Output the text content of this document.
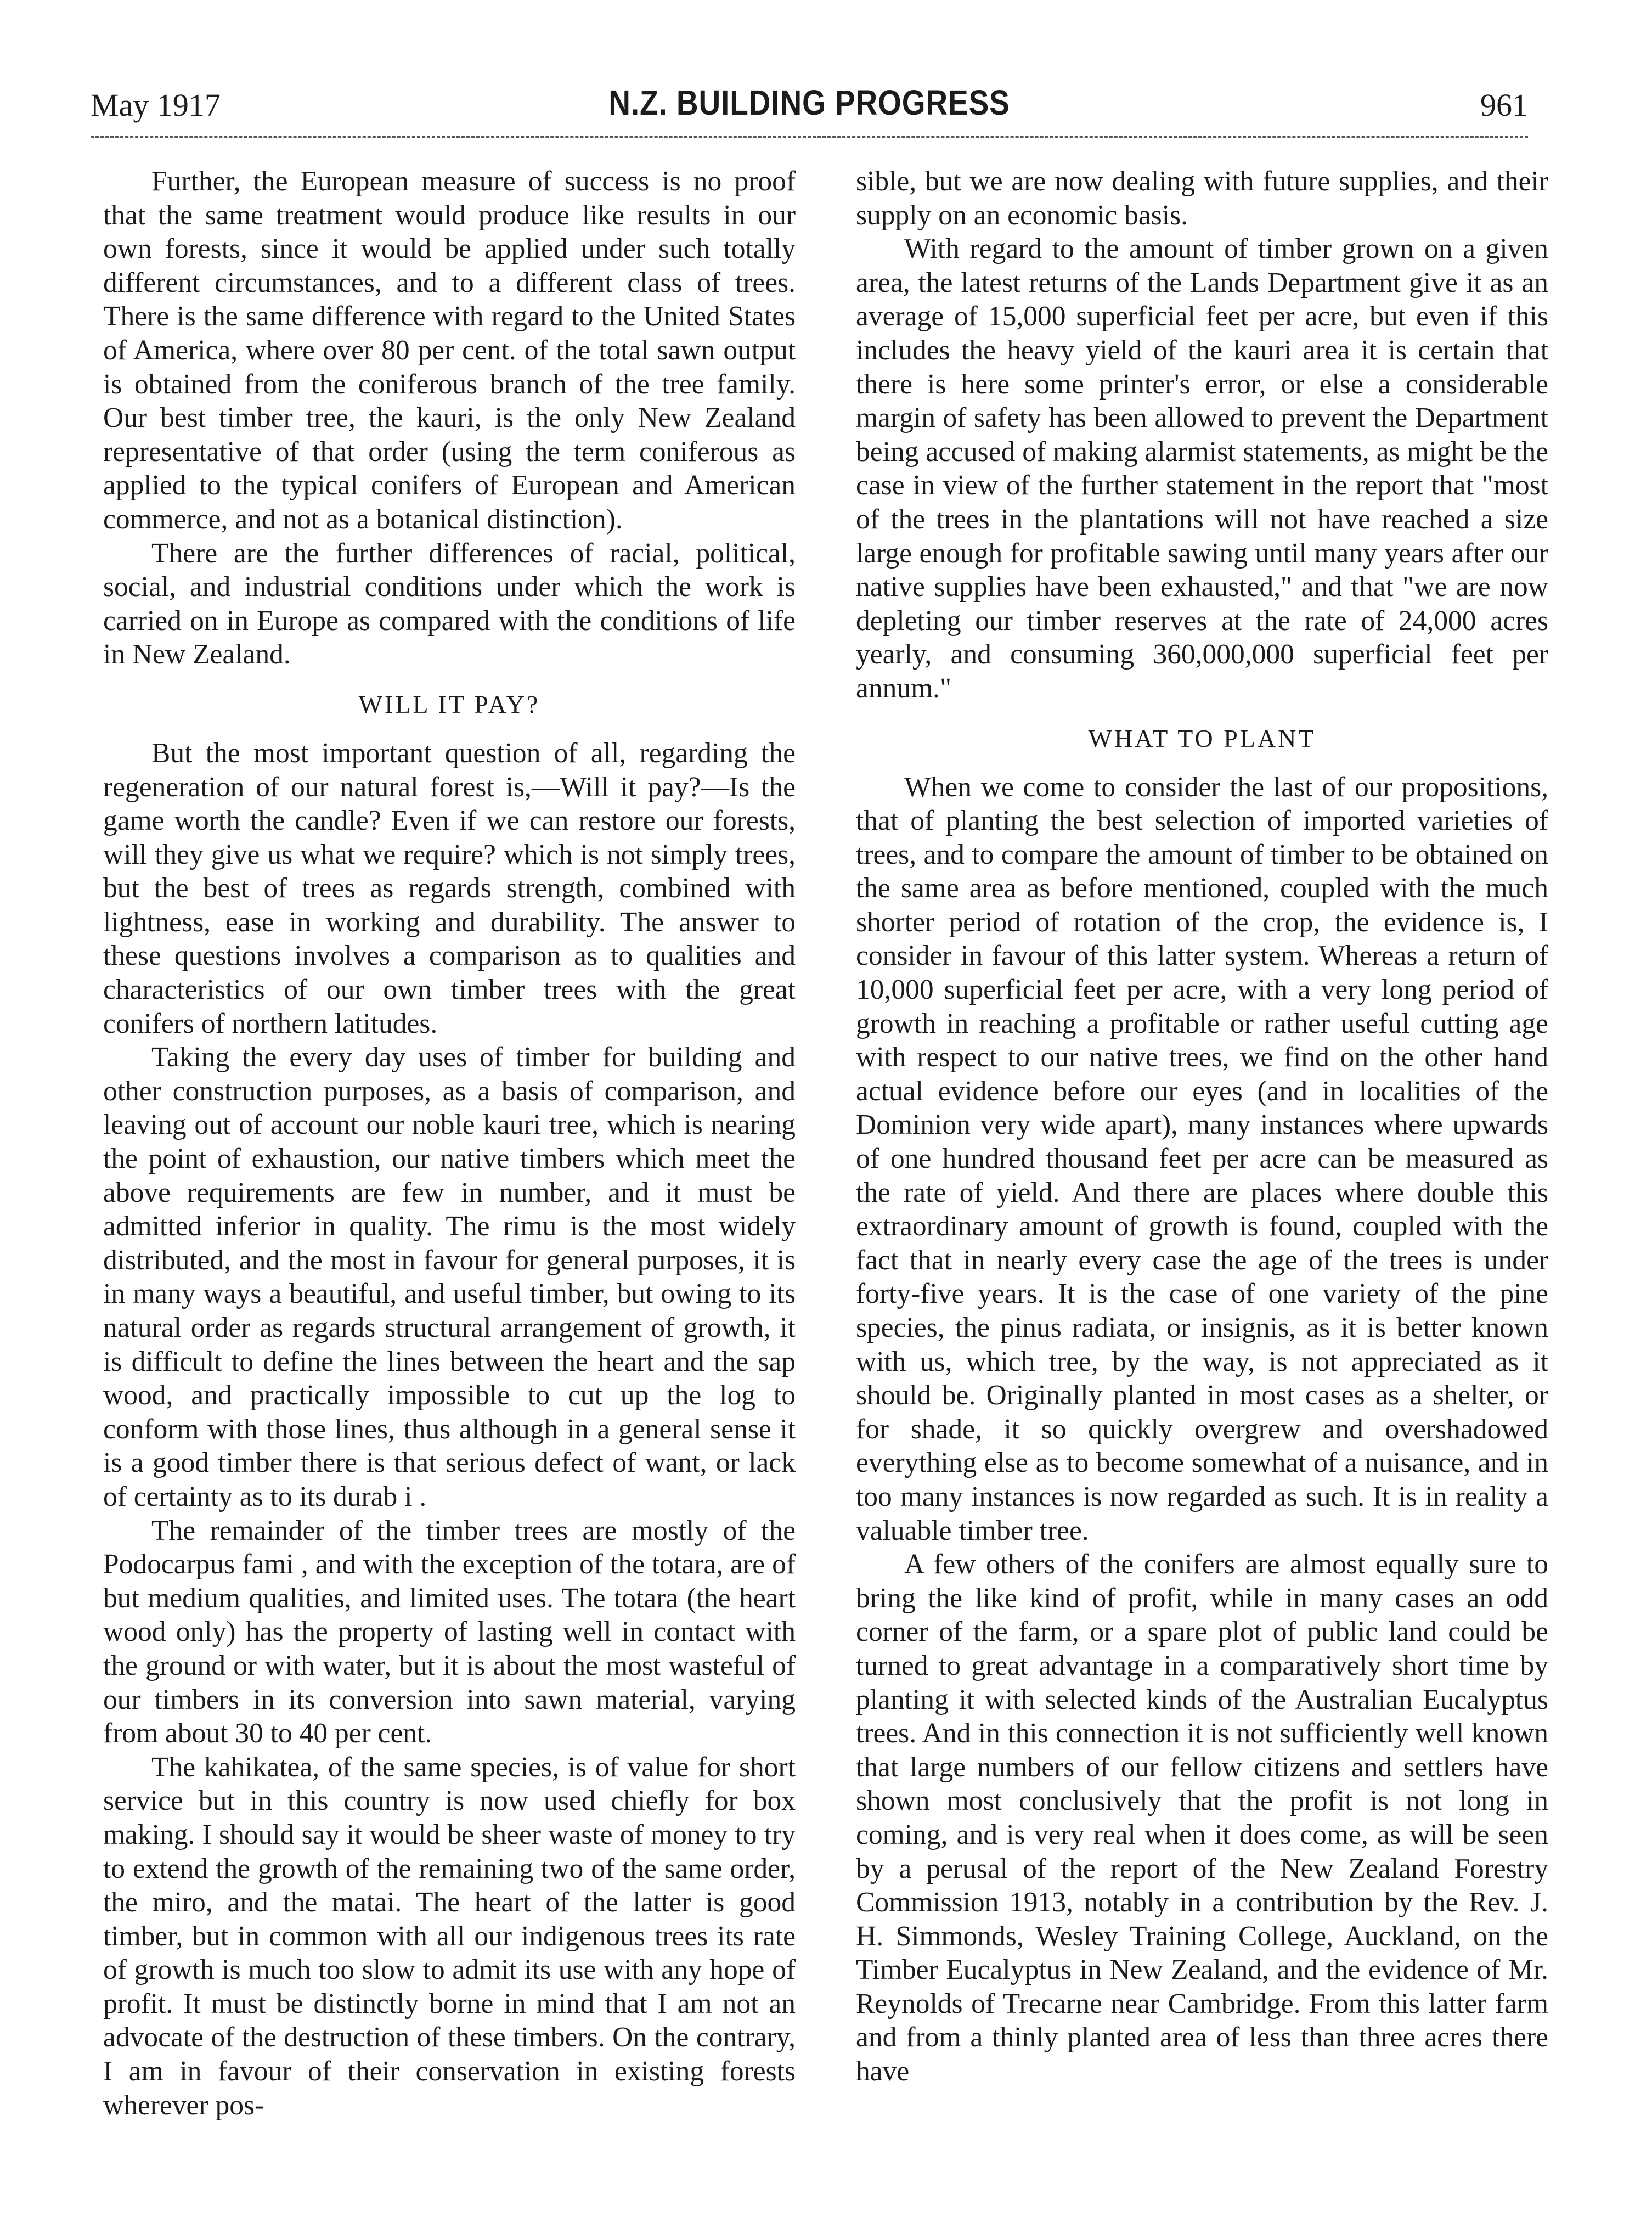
May 1917	N.Z. BUILDING PROGRESS	961

Further, the European measure of success is no proof that the same treatment would produce like results in our own forests, since it would be applied under such totally different circumstances, and to a different class of trees. There is the same difference with regard to the United States of America, where over 80 per cent. of the total sawn output is obtained from the coniferous branch of the tree family. Our best timber tree, the kauri, is the only New Zealand representative of that order (using the term coniferous as applied to the typical conifers of European and American commerce, and not as a botanical distinction).

There are the further differences of racial, political, social, and industrial conditions under which the work is carried on in Europe as compared with the conditions of life in New Zealand.

WILL IT PAY?

But the most important question of all, regarding the regeneration of our natural forest is,—Will it pay?—Is the game worth the candle? Even if we can restore our forests, will they give us what we require? which is not simply trees, but the best of trees as regards strength, combined with lightness, ease in working and durability. The answer to these questions involves a comparison as to qualities and characteristics of our own timber trees with the great conifers of northern latitudes.

Taking the every day uses of timber for building and other construction purposes, as a basis of comparison, and leaving out of account our noble kauri tree, which is nearing the point of exhaustion, our native timbers which meet the above requirements are few in number, and it must be admitted inferior in quality. The rimu is the most widely distributed, and the most in favour for general purposes, it is in many ways a beautiful, and useful timber, but owing to its natural order as regards structural arrangement of growth, it is difficult to define the lines between the heart and the sap wood, and practically impossible to cut up the log to conform with those lines, thus although in a general sense it is a good timber there is that serious defect of want, or lack of certainty as to its durab i .

The remainder of the timber trees are mostly of the Podocarpus fami , and with the exception of the totara, are of but medium qualities, and limited uses. The totara (the heart wood only) has the property of lasting well in contact with the ground or with water, but it is about the most wasteful of our timbers in its conversion into sawn material, varying from about 30 to 40 per cent.

The kahikatea, of the same species, is of value for short service but in this country is now used chiefly for box making. I should say it would be sheer waste of money to try to extend the growth of the remaining two of the same order, the miro, and the matai. The heart of the latter is good timber, but in common with all our indigenous trees its rate of growth is much too slow to admit its use with any hope of profit. It must be distinctly borne in mind that I am not an advocate of the destruction of these timbers. On the contrary, I am in favour of their conservation in existing forests wherever pos-

sible, but we are now dealing with future supplies, and their supply on an economic basis.

With regard to the amount of timber grown on a given area, the latest returns of the Lands Department give it as an average of 15,000 superficial feet per acre, but even if this includes the heavy yield of the kauri area it is certain that there is here some printer's error, or else a considerable margin of safety has been allowed to prevent the Department being accused of making alarmist statements, as might be the case in view of the further statement in the report that "most of the trees in the plantations will not have reached a size large enough for profitable sawing until many years after our native supplies have been exhausted," and that "we are now depleting our timber reserves at the rate of 24,000 acres yearly, and consuming 360,000,000 superficial feet per annum."

WHAT TO PLANT

When we come to consider the last of our propositions, that of planting the best selection of imported varieties of trees, and to compare the amount of timber to be obtained on the same area as before mentioned, coupled with the much shorter period of rotation of the crop, the evidence is, I consider in favour of this latter system. Whereas a return of 10,000 superficial feet per acre, with a very long period of growth in reaching a profitable or rather useful cutting age with respect to our native trees, we find on the other hand actual evidence before our eyes (and in localities of the Dominion very wide apart), many instances where upwards of one hundred thousand feet per acre can be measured as the rate of yield. And there are places where double this extraordinary amount of growth is found, coupled with the fact that in nearly every case the age of the trees is under forty-five years. It is the case of one variety of the pine species, the pinus radiata, or insignis, as it is better known with us, which tree, by the way, is not appreciated as it should be. Originally planted in most cases as a shelter, or for shade, it so quickly overgrew and overshadowed everything else as to become somewhat of a nuisance, and in too many instances is now regarded as such. It is in reality a valuable timber tree.

A few others of the conifers are almost equally sure to bring the like kind of profit, while in many cases an odd corner of the farm, or a spare plot of public land could be turned to great advantage in a comparatively short time by planting it with selected kinds of the Australian Eucalyptus trees. And in this connection it is not sufficiently well known that large numbers of our fellow citizens and settlers have shown most conclusively that the profit is not long in coming, and is very real when it does come, as will be seen by a perusal of the report of the New Zealand Forestry Commission 1913, notably in a contribution by the Rev. J. H. Simmonds, Wesley Training College, Auckland, on the Timber Eucalyptus in New Zealand, and the evidence of Mr. Reynolds of Trecarne near Cambridge. From this latter farm and from a thinly planted area of less than three acres there have
